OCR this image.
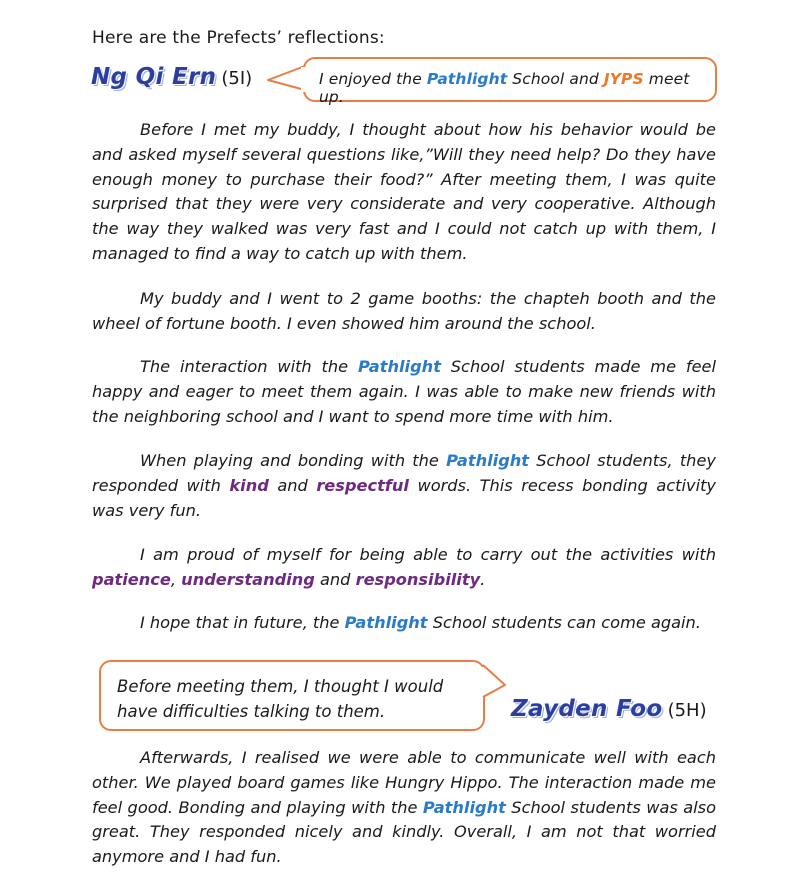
Here are the Prefects’ reflections:
Ng Qi Ern (5I)	I enjoyed the Pathlight School and JYPS meet up.

Before I met my buddy, I thought about how his behavior would be and asked myself several questions like,”Will they need help? Do they have enough money to purchase their food?” After meeting them, I was quite surprised that they were very considerate and very cooperative. Although the way they walked was very fast and I could not catch up with them, I managed to find a way to catch up with them.

My buddy and I went to 2 game booths: the chapteh booth and the wheel of fortune booth. I even showed him around the school.

The interaction with the Pathlight School students made me feel happy and eager to meet them again. I was able to make new friends with the neighboring school and I want to spend more time with him.

When playing and bonding with the Pathlight School students, they responded with kind and respectful words. This recess bonding activity was very fun.

I am proud of myself for being able to carry out the activities with patience, understanding and responsibility.

I hope that in future, the Pathlight School students can come again.

Before meeting them, I thought I would
have difficulties talking to them.	Zayden Foo (5H)

Afterwards, I realised we were able to communicate well with each other. We played board games like Hungry Hippo. The interaction made me feel good. Bonding and playing with the Pathlight School students was also great. They responded nicely and kindly. Overall, I am not that worried anymore and I had fun.
